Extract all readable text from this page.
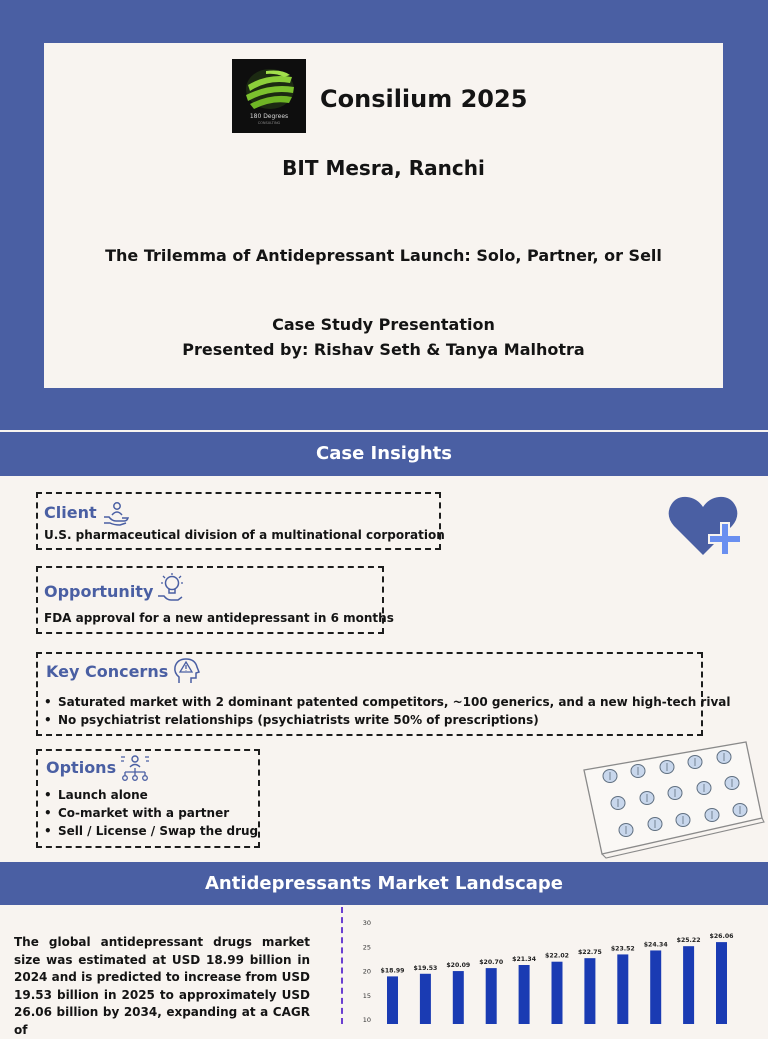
180 Degrees
CONSULTING
Consilium 2025
BIT Mesra, Ranchi
The Trilemma of Antidepressant Launch: Solo, Partner, or Sell
Case Study Presentation
Presented by: Rishav Seth & Tanya Malhotra
Case Insights
Client
U.S. pharmaceutical division of a multinational corporation
Opportunity
FDA approval for a new antidepressant in 6 months
Key Concerns
• Saturated market with 2 dominant patented competitors, ~100 generics, and a new high-tech rival
• No psychiatrist relationships (psychiatrists write 50% of prescriptions)
Options
• Launch alone
• Co-market with a partner
• Sell / License / Swap the drug
Antidepressants Market Landscape
The global antidepressant drugs market size was estimated at USD 18.99 billion in 2024 and is predicted to increase from USD 19.53 billion in 2025 to approximately USD 26.06 billion by 2034, expanding at a CAGR of
10
15
20
25
30
$18.99 $19.53 $20.09 $20.70 $21.34 $22.02
$22.75
$23.52
$24.34
$25.22
$26.06
